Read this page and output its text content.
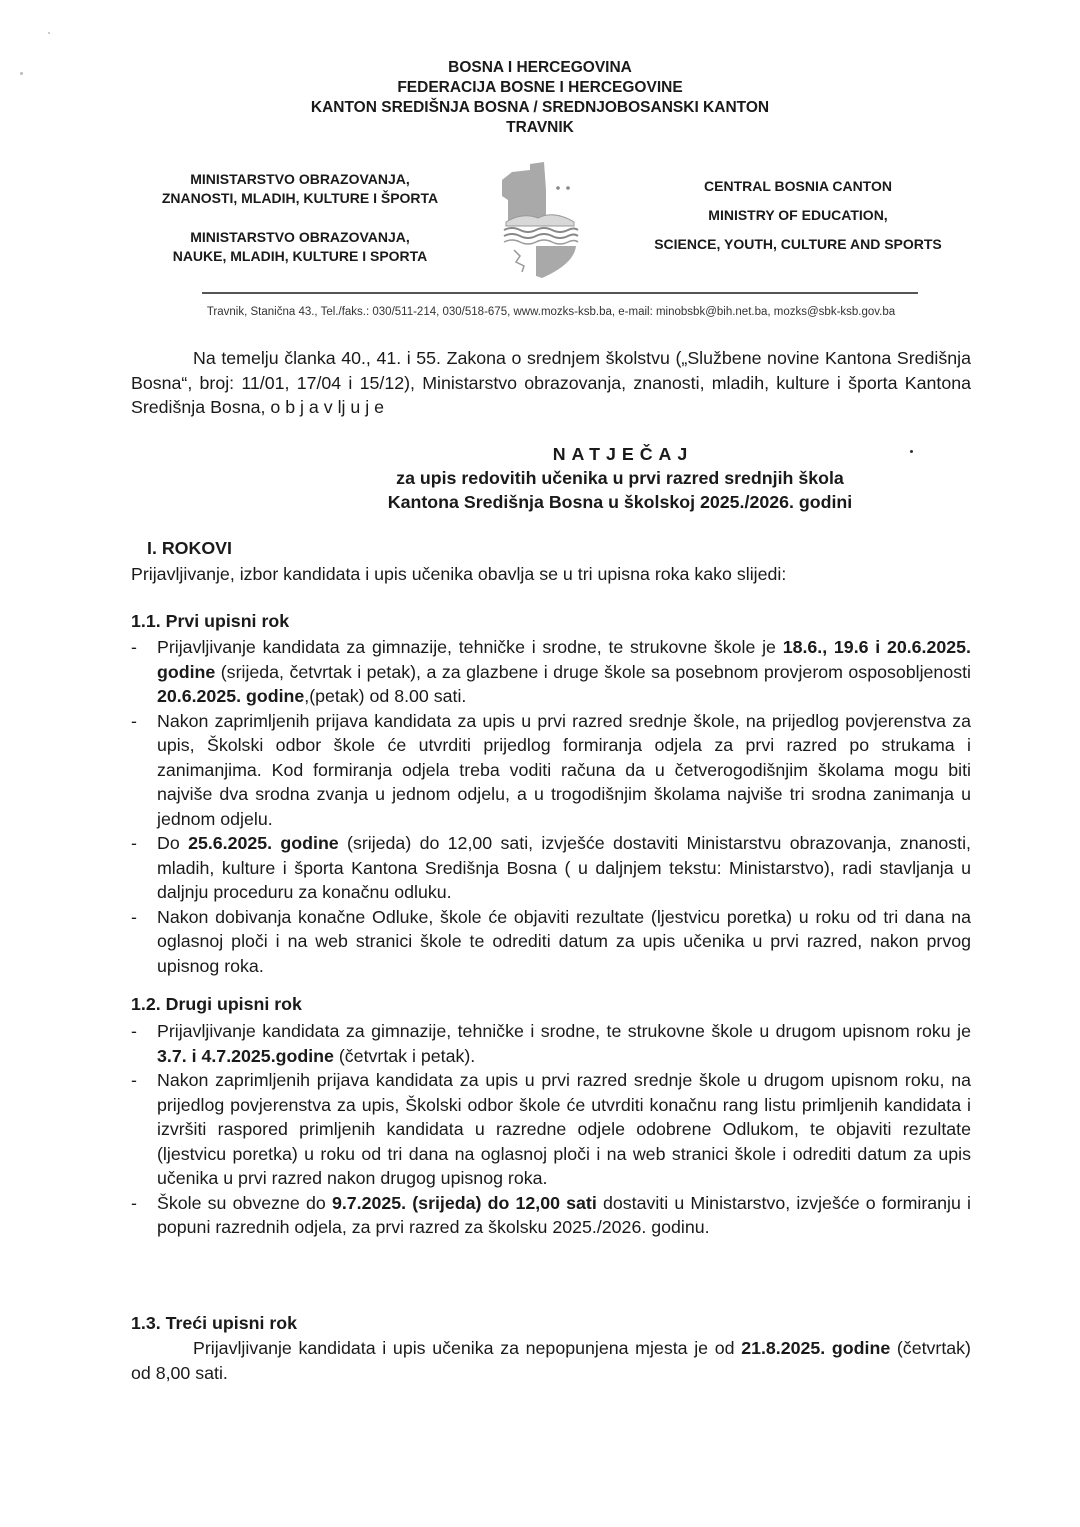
BOSNA I HERCEGOVINA
FEDERACIJA BOSNE I HERCEGOVINE
KANTON SREDIŠNJA BOSNA / SREDNJOBOSANSKI KANTON
TRAVNIK
MINISTARSTVO OBRAZOVANJA,
ZNANOSTI, MLADIH, KULTURE I ŠPORTA
MINISTARSTVO OBRAZOVANJA,
NAUKE, MLADIH, KULTURE I SPORTA
CENTRAL BOSNIA CANTON
MINISTRY OF EDUCATION,
SCIENCE, YOUTH, CULTURE AND SPORTS
Travnik, Stanična 43., Tel./faks.: 030/511-214, 030/518-675, www.mozks-ksb.ba, e-mail: minobsbk@bih.net.ba, mozks@sbk-ksb.gov.ba
Na temelju članka 40., 41. i 55. Zakona o srednjem školstvu („Službene novine Kantona Središnja Bosna“, broj: 11/01, 17/04 i 15/12), Ministarstvo obrazovanja, znanosti, mladih, kulture i športa Kantona Središnja Bosna, o b j a v lj u j e
NATJEČAJ
za upis redovitih učenika u prvi razred srednjih škola
Kantona Središnja Bosna u školskoj 2025./2026. godini
I. ROKOVI
Prijavljivanje, izbor kandidata i upis učenika obavlja se u tri upisna roka kako slijedi:
1.1. Prvi upisni rok
- Prijavljivanje kandidata za gimnazije, tehničke i srodne, te strukovne škole je 18.6., 19.6 i 20.6.2025. godine (srijeda, četvrtak i petak), a za glazbene i druge škole sa posebnom provjerom osposobljenosti 20.6.2025. godine,(petak) od 8.00 sati.
- Nakon zaprimljenih prijava kandidata za upis u prvi razred srednje škole, na prijedlog povjerenstva za upis, Školski odbor škole će utvrditi prijedlog formiranja odjela za prvi razred po strukama i zanimanjima. Kod formiranja odjela treba voditi računa da u četverogodišnjim školama mogu biti najviše dva srodna zvanja u jednom odjelu, a u trogodišnjim školama najviše tri srodna zanimanja u jednom odjelu.
- Do 25.6.2025. godine (srijeda) do 12,00 sati, izvješće dostaviti Ministarstvu obrazovanja, znanosti, mladih, kulture i športa Kantona Središnja Bosna ( u daljnjem tekstu: Ministarstvo), radi stavljanja u daljnju proceduru za konačnu odluku.
- Nakon dobivanja konačne Odluke, škole će objaviti rezultate (ljestvicu poretka) u roku od tri dana na oglasnoj ploči i na web stranici škole te odrediti datum za upis učenika u prvi razred, nakon prvog upisnog roka.
1.2. Drugi upisni rok
- Prijavljivanje kandidata za gimnazije, tehničke i srodne, te strukovne škole u drugom upisnom roku je 3.7. i 4.7.2025.godine (četvrtak i petak).
- Nakon zaprimljenih prijava kandidata za upis u prvi razred srednje škole u drugom upisnom roku, na prijedlog povjerenstva za upis, Školski odbor škole će utvrditi konačnu rang listu primljenih kandidata i izvršiti raspored primljenih kandidata u razredne odjele odobrene Odlukom, te objaviti rezultate (ljestvicu poretka) u roku od tri dana na oglasnoj ploči i na web stranici škole i odrediti datum za upis učenika u prvi razred nakon drugog upisnog roka.
- Škole su obvezne do 9.7.2025. (srijeda) do 12,00 sati dostaviti u Ministarstvo, izvješće o formiranju i popuni razrednih odjela, za prvi razred za školsku 2025./2026. godinu.
1.3. Treći upisni rok
Prijavljivanje kandidata i upis učenika za nepopunjena mjesta je od 21.8.2025. godine (četvrtak) od 8,00 sati.
